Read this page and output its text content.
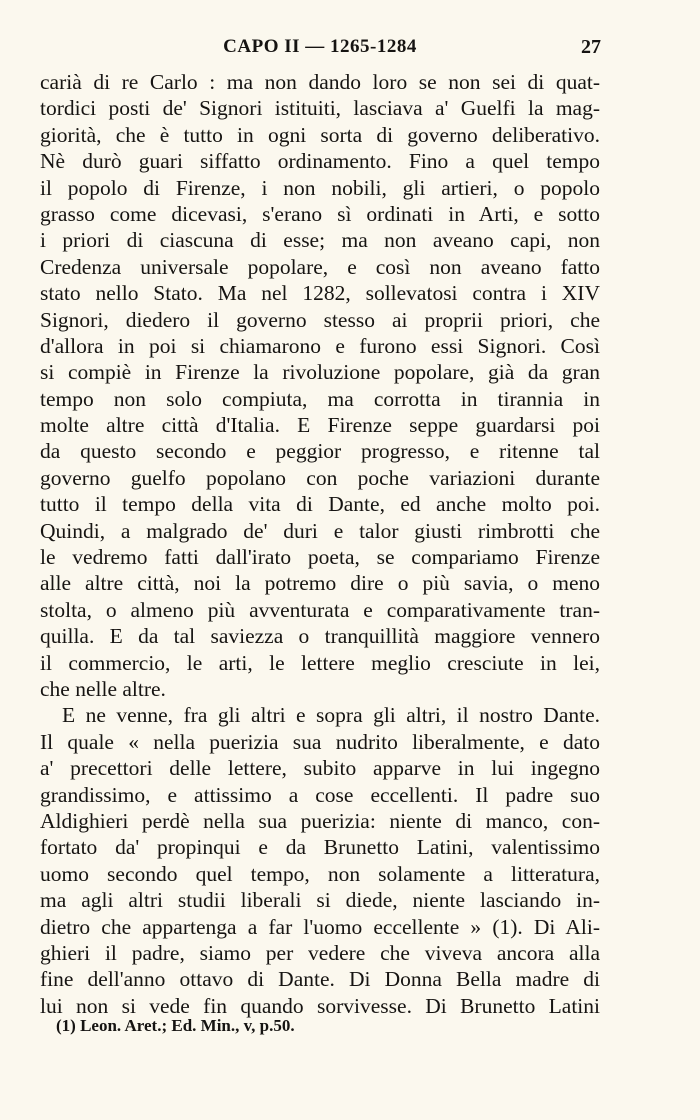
CAPO II — 1265-1284	27
carià di re Carlo : ma non dando loro se non sei di quat-
tordici posti de' Signori istituiti, lasciava a' Guelfi la mag-
giorità, che è tutto in ogni sorta di governo deliberativo.
Nè durò guari siffatto ordinamento. Fino a quel tempo
il popolo di Firenze, i non nobili, gli artieri, o popolo
grasso come dicevasi, s'erano sì ordinati in Arti, e sotto
i priori di ciascuna di esse; ma non aveano capi, non
Credenza universale popolare, e così non aveano fatto
stato nello Stato. Ma nel 1282, sollevatosi contra i XIV
Signori, diedero il governo stesso ai proprii priori, che
d'allora in poi si chiamarono e furono essi Signori. Così
si compiè in Firenze la rivoluzione popolare, già da gran
tempo non solo compiuta, ma corrotta in tirannia in
molte altre città d'Italia. E Firenze seppe guardarsi poi
da questo secondo e peggior progresso, e ritenne tal
governo guelfo popolano con poche variazioni durante
tutto il tempo della vita di Dante, ed anche molto poi.
Quindi, a malgrado de' duri e talor giusti rimbrotti che
le vedremo fatti dall'irato poeta, se compariamo Firenze
alle altre città, noi la potremo dire o più savia, o meno
stolta, o almeno più avventurata e comparativamente tran-
quilla. E da tal saviezza o tranquillità maggiore vennero
il commercio, le arti, le lettere meglio cresciute in lei,
che nelle altre.
E ne venne, fra gli altri e sopra gli altri, il nostro Dante.
Il quale « nella puerizia sua nudrito liberalmente, e dato
a' precettori delle lettere, subito apparve in lui ingegno
grandissimo, e attissimo a cose eccellenti. Il padre suo
Aldighieri perdè nella sua puerizia: niente di manco, con-
fortato da' propinqui e da Brunetto Latini, valentissimo
uomo secondo quel tempo, non solamente a litteratura,
ma agli altri studii liberali si diede, niente lasciando in-
dietro che appartenga a far l'uomo eccellente » (1). Di Ali-
ghieri il padre, siamo per vedere che viveva ancora alla
fine dell'anno ottavo di Dante. Di Donna Bella madre di
lui non si vede fin quando sorvivesse. Di Brunetto Latini
(1) Leon. Aret.; Ed. Min., v, p.50.
